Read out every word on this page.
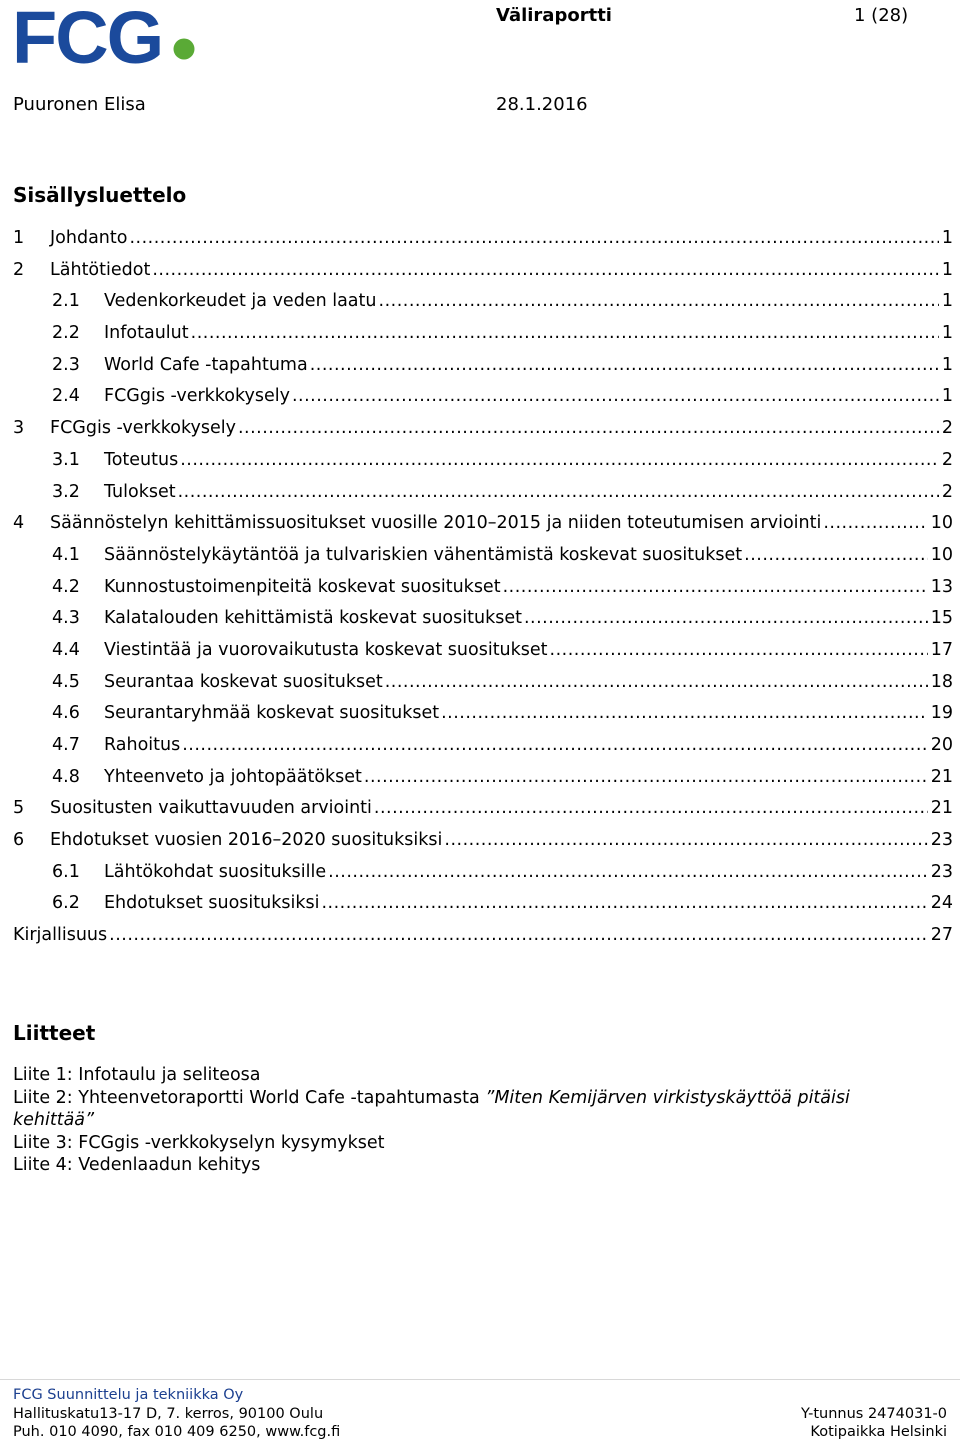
FCG	Väliraportti	1 (28)
Puuronen Elisa	28.1.2016
Sisällysluettelo
1	Johdanto .....	1
2	Lähtötiedot .....	1
2.1	Vedenkorkeudet ja veden laatu .....	1
2.2	Infotaulut .....	1
2.3	World Cafe -tapahtuma .....	1
2.4	FCGgis -verkkokysely .....	1
3	FCGgis -verkkokysely .....	2
3.1	Toteutus .....	2
3.2	Tulokset .....	2
4	Säännöstelyn kehittämissuositukset vuosille 2010–2015 ja niiden toteutumisen arviointi .....	10
4.1	Säännöstelykäytäntöä ja tulvariskien vähentämistä koskevat suositukset .....	10
4.2	Kunnostustoimenpiteitä koskevat suositukset .....	13
4.3	Kalatalouden kehittämistä koskevat suositukset .....	15
4.4	Viestintää ja vuorovaikutusta koskevat suositukset .....	17
4.5	Seurantaa koskevat suositukset .....	18
4.6	Seurantaryhmää koskevat suositukset .....	19
4.7	Rahoitus .....	20
4.8	Yhteenveto ja johtopäätökset .....	21
5	Suositusten vaikuttavuuden arviointi .....	21
6	Ehdotukset vuosien 2016–2020 suosituksiksi .....	23
6.1	Lähtökohdat suosituksille .....	23
6.2	Ehdotukset suosituksiksi .....	24
Kirjallisuus .....	27
Liitteet

Liite 1: Infotaulu ja seliteosa

Liite 2: Yhteenvetoraportti World Cafe -tapahtumasta ”Miten Kemijärven virkistyskäyttöä pitäisi kehittää”

Liite 3: FCGgis -verkkokyselyn kysymykset

Liite 4: Vedenlaadun kehitys

FCG Suunnittelu ja tekniikka Oy
Hallituskatu13-17 D, 7. kerros, 90100 Oulu
Puh. 010 4090, fax 010 409 6250, www.fcg.fi
Y-tunnus 2474031-0
Kotipaikka Helsinki
